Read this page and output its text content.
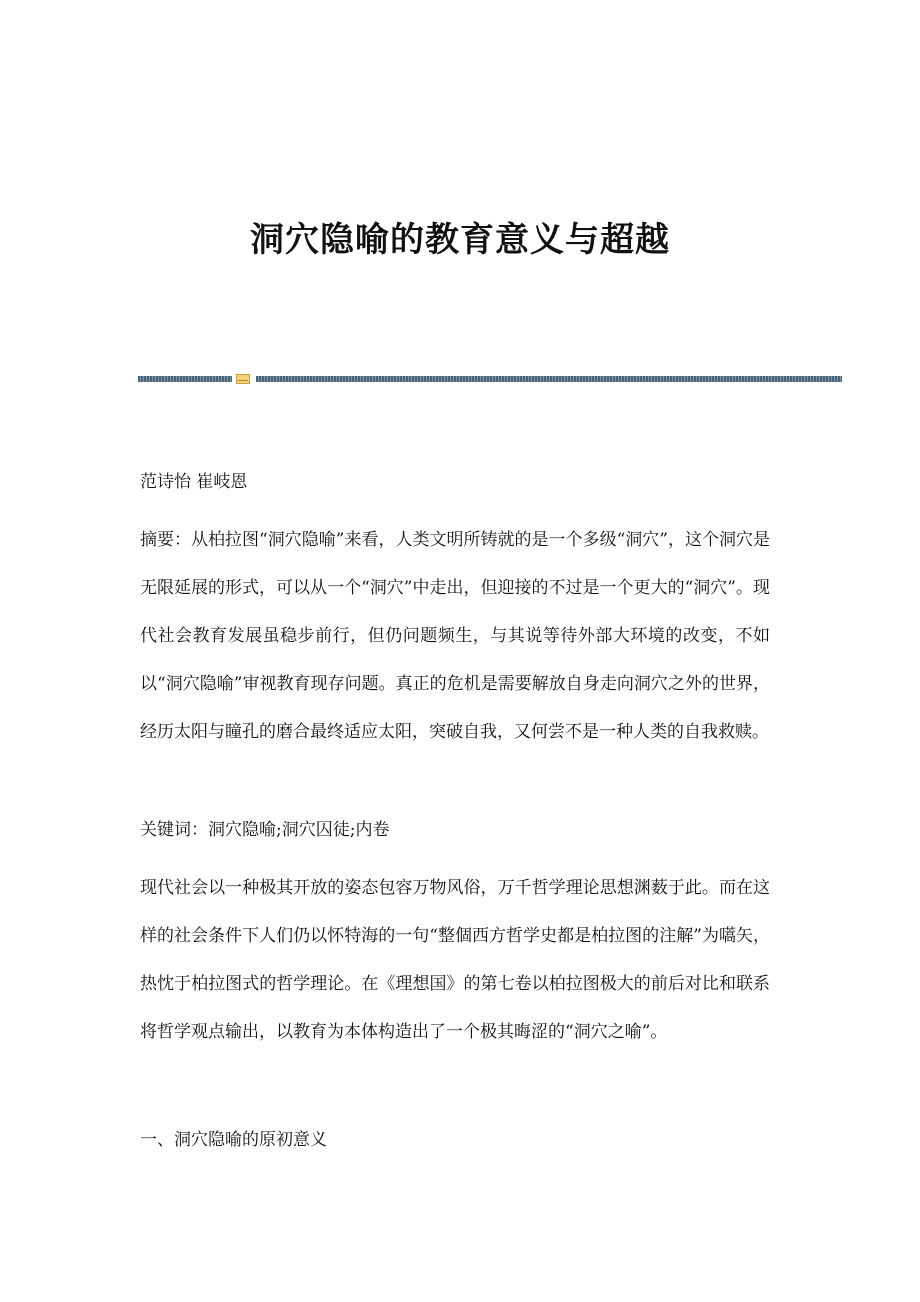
洞穴隐喻的教育意义与超越

范诗怡 崔岐恩

摘要：从柏拉图“洞穴隐喻”来看，人类文明所铸就的是一个多级“洞穴”，这个洞穴是无限延展的形式，可以从一个“洞穴”中走出，但迎接的不过是一个更大的“洞穴”。现代社会教育发展虽稳步前行，但仍问题频生，与其说等待外部大环境的改变，不如以“洞穴隐喻”审视教育现存问题。真正的危机是需要解放自身走向洞穴之外的世界，经历太阳与瞳孔的磨合最终适应太阳，突破自我，又何尝不是一种人类的自我救赎。

关键词：洞穴隐喻;洞穴囚徒;内卷

现代社会以一种极其开放的姿态包容万物风俗，万千哲学理论思想渊薮于此。而在这样的社会条件下人们仍以怀特海的一句“整個西方哲学史都是柏拉图的注解”为嚆矢，热忱于柏拉图式的哲学理论。在《理想国》的第七卷以柏拉图极大的前后对比和联系将哲学观点输出，以教育为本体构造出了一个极其晦涩的“洞穴之喻”。

一、洞穴隐喻的原初意义
